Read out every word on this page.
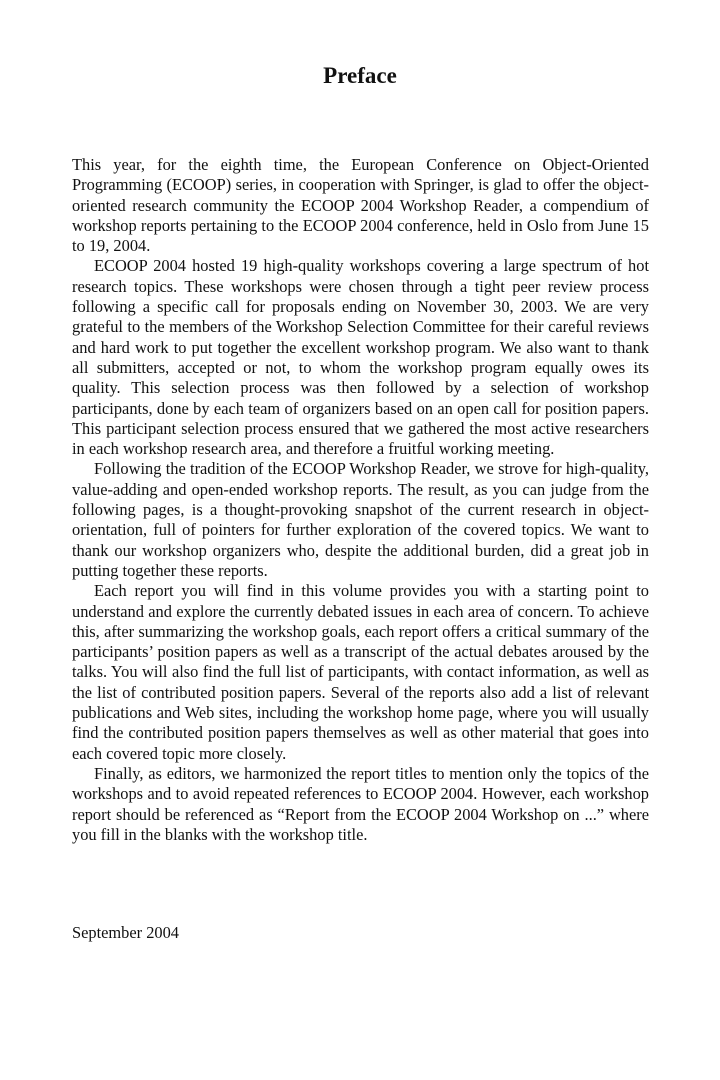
Preface

This year, for the eighth time, the European Conference on Object-Oriented Programming (ECOOP) series, in cooperation with Springer, is glad to offer the object-oriented research community the ECOOP 2004 Workshop Reader, a compendium of workshop reports pertaining to the ECOOP 2004 conference, held in Oslo from June 15 to 19, 2004.

ECOOP 2004 hosted 19 high-quality workshops covering a large spectrum of hot research topics. These workshops were chosen through a tight peer review process following a specific call for proposals ending on November 30, 2003. We are very grateful to the members of the Workshop Selection Committee for their careful reviews and hard work to put together the excellent workshop program. We also want to thank all submitters, accepted or not, to whom the workshop program equally owes its quality. This selection process was then followed by a selection of workshop participants, done by each team of organizers based on an open call for position papers. This participant selection process ensured that we gathered the most active researchers in each workshop research area, and therefore a fruitful working meeting.

Following the tradition of the ECOOP Workshop Reader, we strove for high-quality, value-adding and open-ended workshop reports. The result, as you can judge from the following pages, is a thought-provoking snapshot of the current research in object-orientation, full of pointers for further exploration of the covered topics. We want to thank our workshop organizers who, despite the additional burden, did a great job in putting together these reports.

Each report you will find in this volume provides you with a starting point to understand and explore the currently debated issues in each area of concern. To achieve this, after summarizing the workshop goals, each report offers a critical summary of the participants’ position papers as well as a transcript of the actual debates aroused by the talks. You will also find the full list of participants, with contact information, as well as the list of contributed position papers. Several of the reports also add a list of relevant publications and Web sites, including the workshop home page, where you will usually find the contributed position papers themselves as well as other material that goes into each covered topic more closely.

Finally, as editors, we harmonized the report titles to mention only the topics of the workshops and to avoid repeated references to ECOOP 2004. However, each workshop report should be referenced as “Report from the ECOOP 2004 Workshop on ...” where you fill in the blanks with the workshop title.

September 2004
